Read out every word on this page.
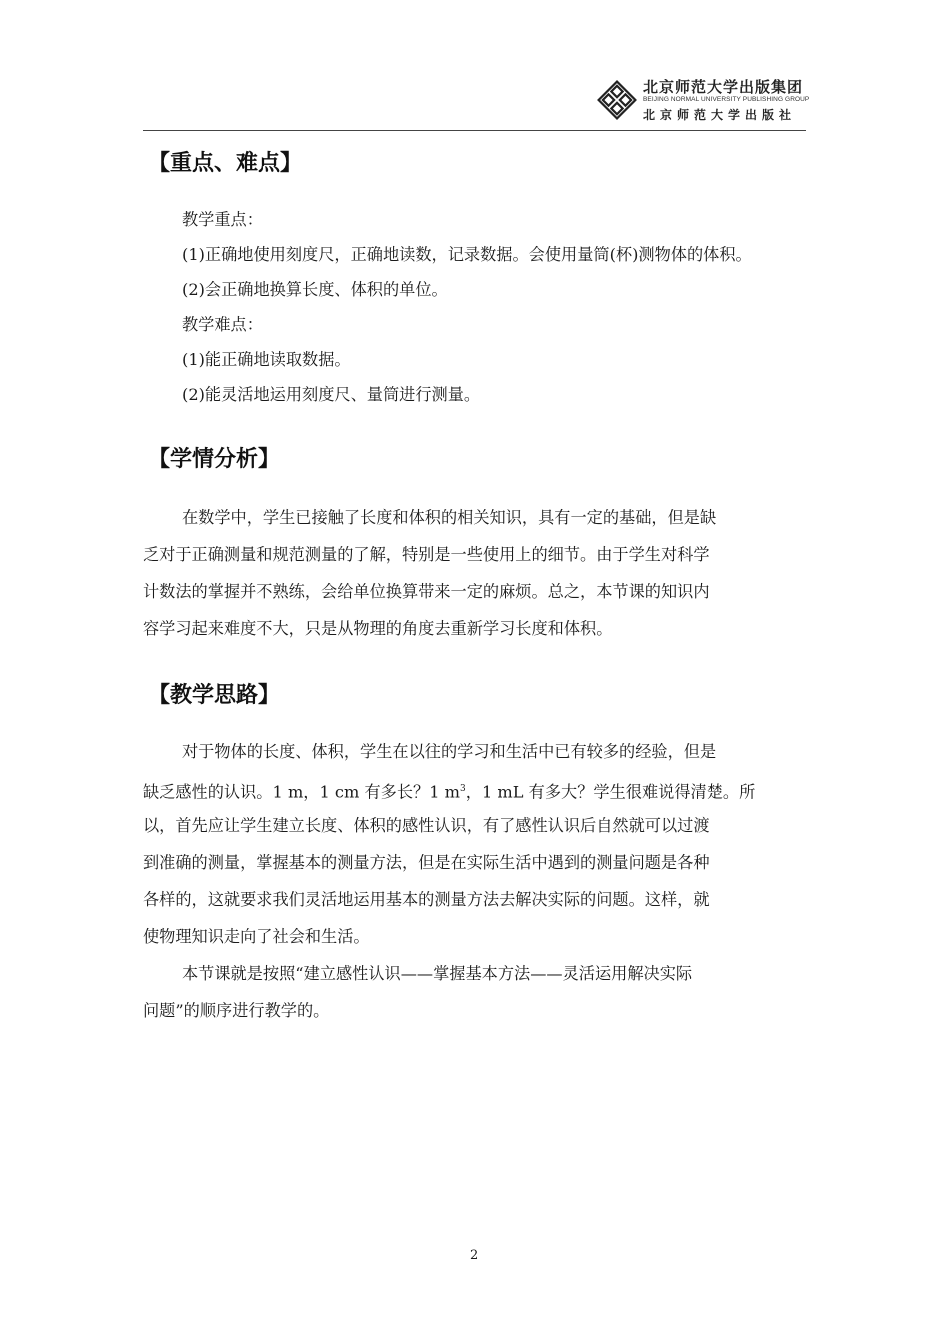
北京师范大学出版集团
BEIJING NORMAL UNIVERSITY PUBLISHING GROUP
北京师范大学出版社
【重点、难点】
教学重点：
(1)正确地使用刻度尺，正确地读数，记录数据。会使用量筒(杯)测物体的体积。
(2)会正确地换算长度、体积的单位。
教学难点：
(1)能正确地读取数据。
(2)能灵活地运用刻度尺、量筒进行测量。
【学情分析】
在数学中，学生已接触了长度和体积的相关知识，具有一定的基础，但是缺
乏对于正确测量和规范测量的了解，特别是一些使用上的细节。由于学生对科学
计数法的掌握并不熟练，会给单位换算带来一定的麻烦。总之，本节课的知识内
容学习起来难度不大，只是从物理的角度去重新学习长度和体积。
【教学思路】
对于物体的长度、体积，学生在以往的学习和生活中已有较多的经验，但是
缺乏感性的认识。1 m，1 cm 有多长？1 $m^3$，1 mL 有多大？学生很难说得清楚。所
以，首先应让学生建立长度、体积的感性认识，有了感性认识后自然就可以过渡
到准确的测量，掌握基本的测量方法，但是在实际生活中遇到的测量问题是各种
各样的，这就要求我们灵活地运用基本的测量方法去解决实际的问题。这样，就
使物理知识走向了社会和生活。
本节课就是按照“建立感性认识——掌握基本方法——灵活运用解决实际
问题”的顺序进行教学的。
2
